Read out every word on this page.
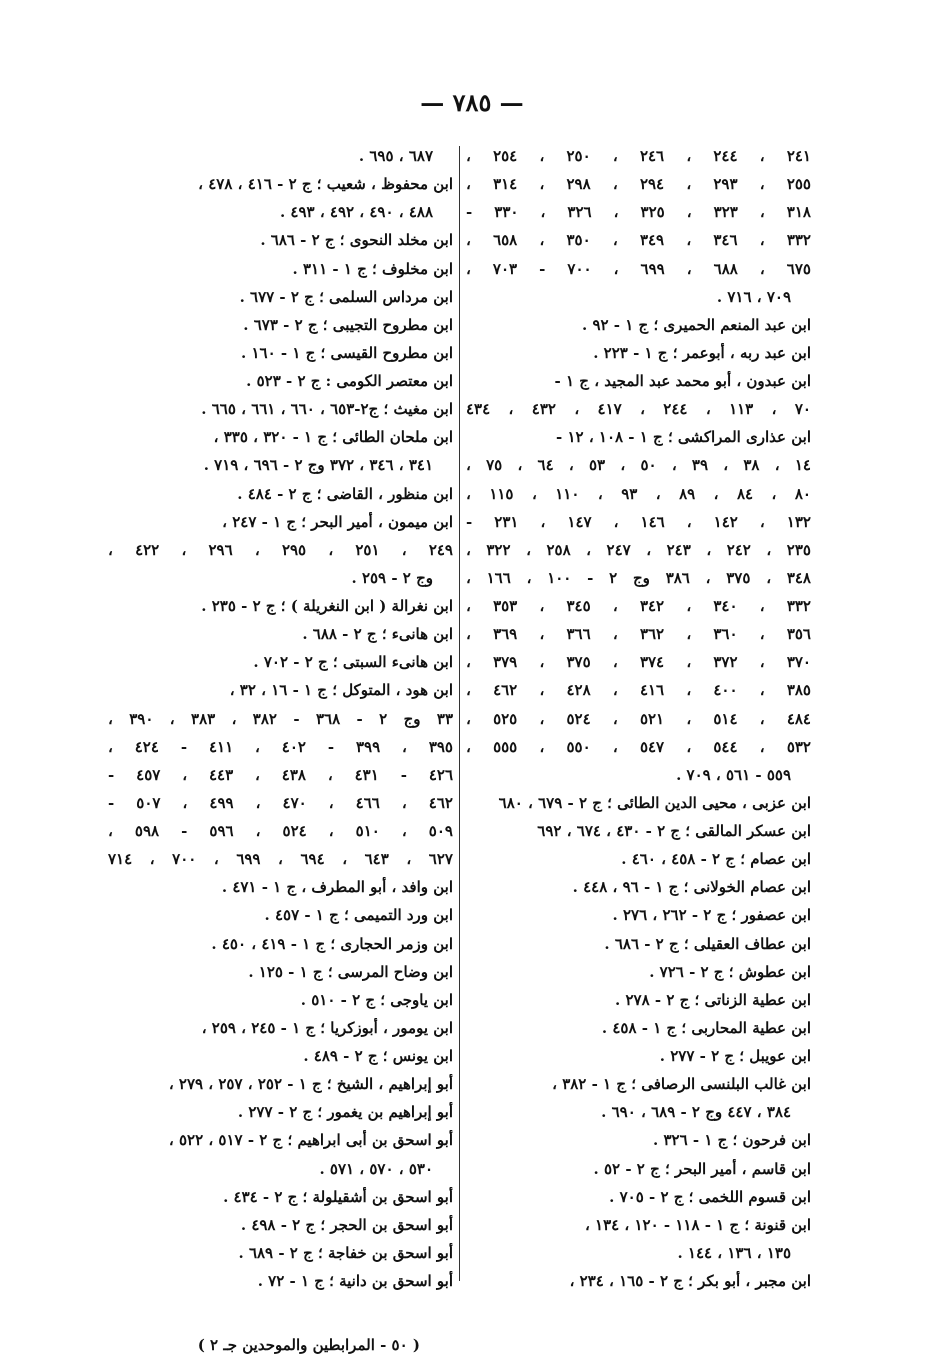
— ٧٨٥ —
٢٤١ ، ٢٤٤ ، ٢٤٦ ، ٢٥٠ ، ٢٥٤ ،
٢٥٥ ، ٢٩٣ ، ٢٩٤ ، ٢٩٨ ، ٣١٤ ،
٣١٨ ، ٣٢٣ ، ٣٢٥ ، ٣٢٦ ، ٣٣٠ -
٣٣٢ ، ٣٤٦ ، ٣٤٩ ، ٣٥٠ ، ٦٥٨ ،
٦٧٥ ، ٦٨٨ ، ٦٩٩ ، ٧٠٠ - ٧٠٣ ،
٧٠٩ ، ٧١٦ .
ابن عبد المنعم الحميرى ؛ ج ١ - ٩٢ .
ابن عبد ربه ، أبوعمر ؛ ج ١ - ٢٢٣ .
ابن عبدون ، أبو محمد عبد المجيد ، ج ١ -
٧٠ ، ١١٣ ، ٢٤٤ ، ٤١٧ ، ٤٣٢ ، ٤٣٤
ابن عذارى المراكشى ؛ ج ١ - ١٠٨ ، ١٢ -
١٤ ، ٣٨ ، ٣٩ ، ٥٠ ، ٥٣ ، ٦٤ ، ٧٥ ،
٨٠ ، ٨٤ ، ٨٩ ، ٩٣ ، ١١٠ ، ١١٥ ،
١٣٢ ، ١٤٢ ، ١٤٦ ، ١٤٧ ، ٢٣١ -
٢٣٥ ، ٢٤٢ ، ٢٤٣ ، ٢٤٧ ، ٢٥٨ ، ٣٢٢ ،
٣٤٨ ، ٣٧٥ ، ٣٨٦ وج ٢ - ١٠٠ ، ١٦٦ ،
٣٣٢ ، ٣٤٠ ، ٣٤٢ ، ٣٤٥ ، ٣٥٣ ،
٣٥٦ ، ٣٦٠ ، ٣٦٢ ، ٣٦٦ ، ٣٦٩ ،
٣٧٠ ، ٣٧٢ ، ٣٧٤ ، ٣٧٥ ، ٣٧٩ ،
٣٨٥ ، ٤٠٠ ، ٤١٦ ، ٤٢٨ ، ٤٦٢ ،
٤٨٤ ، ٥١٤ ، ٥٢١ ، ٥٢٤ ، ٥٢٥ ،
٥٣٢ ، ٥٤٤ ، ٥٤٧ ، ٥٥٠ ، ٥٥٥ ،
٥٥٩ - ٥٦١ ، ٧٠٩ .
ابن عزبى ، محيى الدين الطائى ؛ ج ٢ - ٦٧٩ ، ٦٨٠
ابن عسكر المالقى ؛ ج ٢ - ٤٣٠ ، ٦٧٤ ، ٦٩٢
ابن عصام ؛ ج ٢ - ٤٥٨ ، ٤٦٠ .
ابن عصام الخولانى ؛ ج ١ - ٩٦ ، ٤٤٨ .
ابن عصفور ؛ ج ٢ - ٢٦٢ ، ٢٧٦ .
ابن عطاف العقيلى ؛ ج ٢ - ٦٨٦ .
ابن عطوش ؛ ج ٢ - ٧٢٦ .
ابن عطية الزناتى ؛ ج ٢ - ٢٧٨ .
ابن عطية المحاربى ؛ ج ١ - ٤٥٨ .
ابن عويبل ؛ ج ٢ - ٢٧٧ .
ابن غالب البلنسى الرصافى ؛ ج ١ - ٣٨٢ ،
٣٨٤ ، ٤٤٧ وج ٢ - ٦٨٩ ، ٦٩٠ .
ابن فرحون ؛ ج ١ - ٣٢٦ .
ابن قاسم ، أمير البحر ؛ ج ٢ - ٥٢ .
ابن قسوم اللخمى ؛ ج ٢ - ٧٠٥ .
ابن قنونة ؛ ج ١ - ١١٨ - ١٢٠ ، ١٣٤ ،
١٣٥ ، ١٣٦ ، ١٤٤ .
ابن مجبر ، أبو بكر ؛ ج ٢ - ١٦٥ ، ٢٣٤ ،
٦٨٧ ، ٦٩٥ .
ابن محفوظ ، شعيب ؛ ج ٢ - ٤١٦ ، ٤٧٨ ،
٤٨٨ ، ٤٩٠ ، ٤٩٢ ، ٤٩٣ .
ابن مخلد النحوى ؛ ج ٢ - ٦٨٦ .
ابن مخلوف ؛ ج ١ - ٣١١ .
ابن مرداس السلمى ؛ ج ٢ - ٦٧٧ .
ابن مطروح التجيبى ؛ ج ٢ - ٦٧٣ .
ابن مطروح القيسى ؛ ج ١ - ١٦٠ .
ابن معتصر الكومى : ج ٢ - ٥٢٣ .
ابن مغيث ؛ ج٢-٦٥٣ ، ٦٦٠ ، ٦٦١ ، ٦٦٥ .
ابن ملحان الطائى ؛ ج ١ - ٣٢٠ ، ٣٣٥ ،
٣٤١ ، ٣٤٦ ، ٣٧٢ وج ٢ - ٦٩٦ ، ٧١٩ .
ابن منظور ، القاضى ؛ ج ٢ - ٤٨٤ .
ابن ميمون ، أمير البحر ؛ ج ١ - ٢٤٧ ،
٢٤٩ ، ٢٥١ ، ٢٩٥ ، ٢٩٦ ، ٤٢٢ ،
وج ٢ - ٢٥٩ .
ابن نغرالة ( ابن النغريلة ) ؛ ج ٢ - ٢٣٥ .
ابن هانىء ؛ ج ٢ - ٦٨٨ .
ابن هانىء السبتى ؛ ج ٢ - ٧٠٢ .
ابن هود ، المتوكل ؛ ج ١ - ١٦ ، ٣٢ ،
٣٣ وج ٢ - ٣٦٨ - ٣٨٢ ، ٣٨٣ ، ٣٩٠ ،
٣٩٥ ، ٣٩٩ - ٤٠٢ ، ٤١١ - ٤٢٤ ،
٤٢٦ - ٤٣١ ، ٤٣٨ ، ٤٤٣ ، ٤٥٧ -
٤٦٢ ، ٤٦٦ ، ٤٧٠ ، ٤٩٩ ، ٥٠٧ -
٥٠٩ ، ٥١٠ ، ٥٢٤ ، ٥٩٦ - ٥٩٨ ،
٦٢٧ ، ٦٤٣ ، ٦٩٤ ، ٦٩٩ ، ٧٠٠ ، ٧١٤
ابن وافد ، أبو المطرف ، ج ١ - ٤٧١ .
ابن ورد التميمى ؛ ج ١ - ٤٥٧ .
ابن وزمر الحجارى ؛ ج ١ - ٤١٩ ، ٤٥٠ .
ابن وضاح المرسى ؛ ج ١ - ١٢٥ .
ابن ياوجى ؛ ج ٢ - ٥١٠ .
ابن يومور ، أبوزكريا ؛ ج ١ - ٢٤٥ ، ٢٥٩ ،
ابن يونس ؛ ج ٢ - ٤٨٩ .
أبو إبراهيم ، الشيخ ؛ ج ١ - ٢٥٢ ، ٢٥٧ ، ٢٧٩ ،
أبو إبراهيم بن يغمور ؛ ج ٢ - ٢٧٧ .
أبو اسحق بن أبى ابراهيم ؛ ج ٢ - ٥١٧ ، ٥٢٢ ،
٥٣٠ ، ٥٧٠ ، ٥٧١ .
أبو اسحق بن أشقيلولة ؛ ج ٢ - ٤٣٤ .
أبو اسحق بن الحجر ؛ ج ٢ - ٤٩٨ .
أبو اسحق بن خفاجة ؛ ج ٢ - ٦٨٩ .
أبو اسحق بن دانية ؛ ج ١ - ٧٢ .
( ٥٠ - المرابطين والموحدين جـ ٢ )
